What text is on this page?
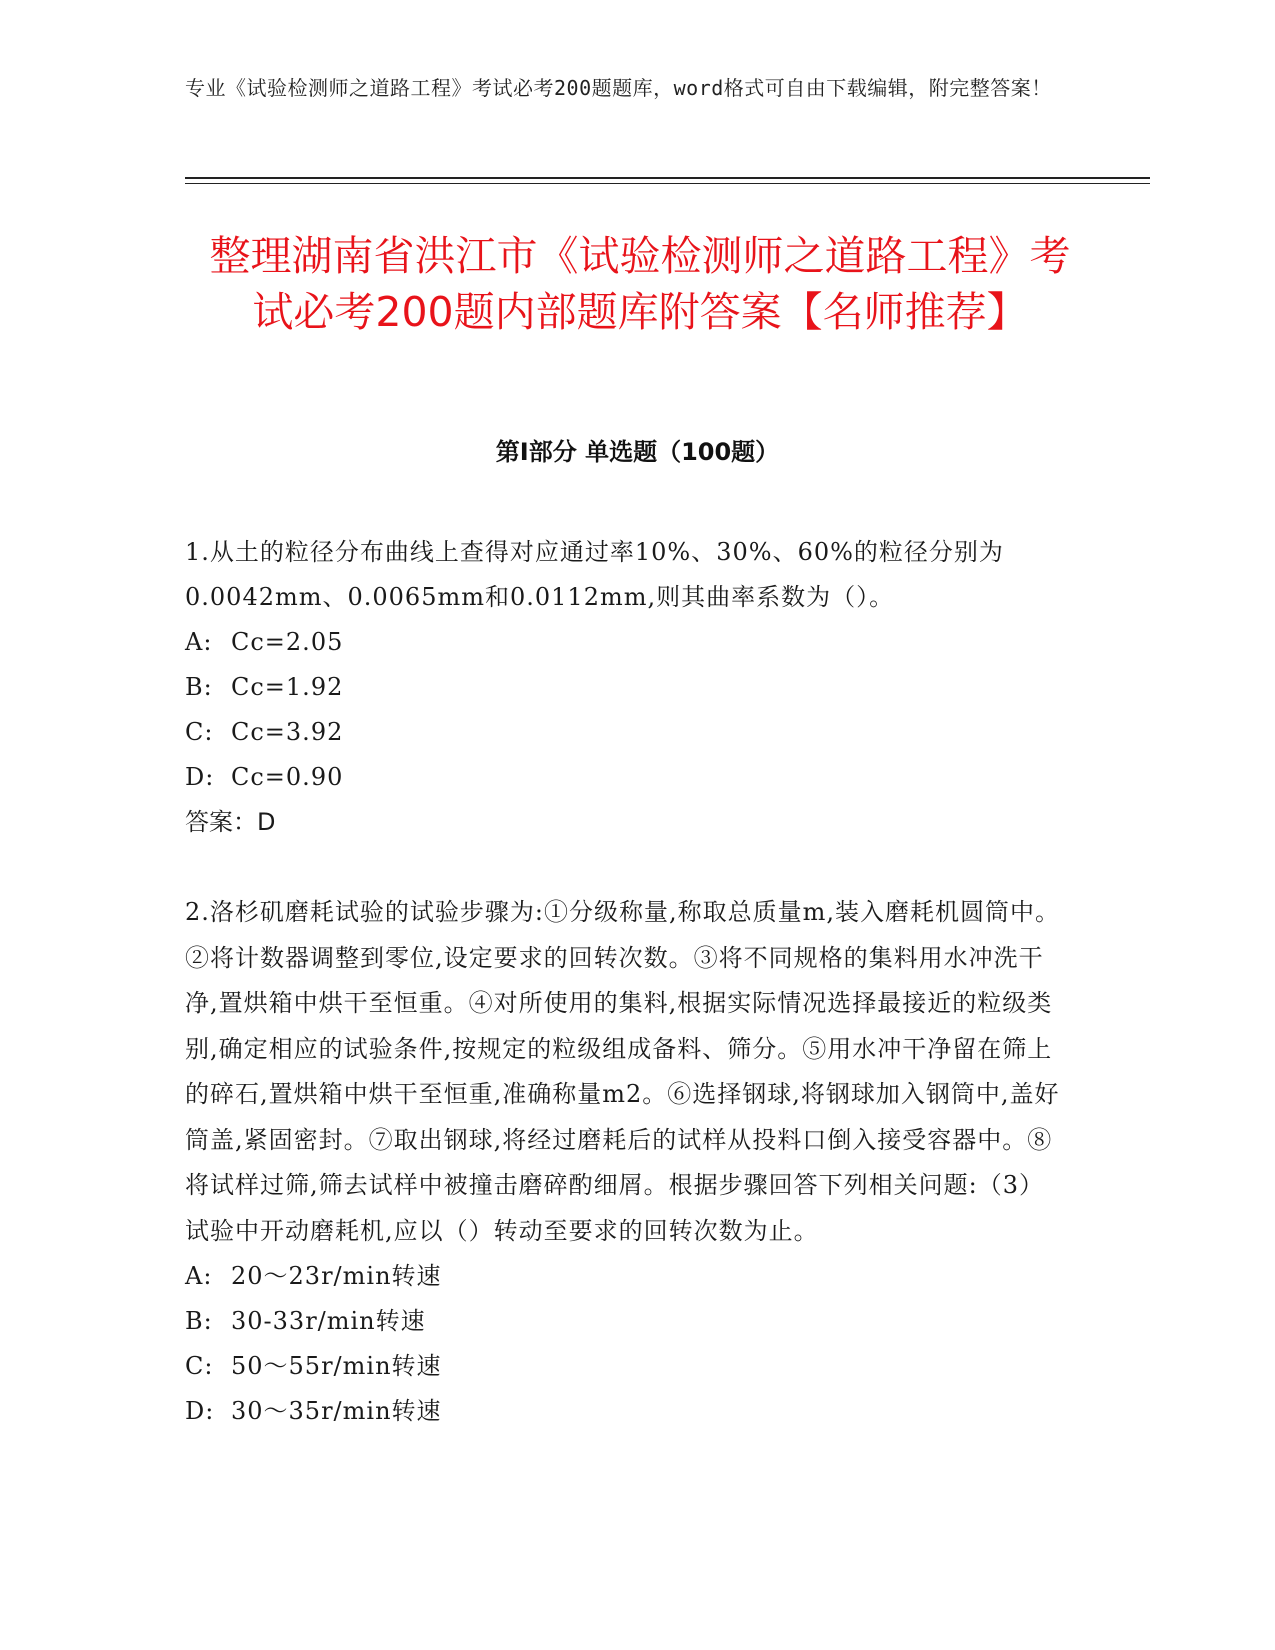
专业《试验检测师之道路工程》考试必考200题题库，word格式可自由下载编辑，附完整答案！
整理湖南省洪江市《试验检测师之道路工程》考试必考200题内部题库附答案【名师推荐】
第I部分 单选题（100题）
1.从土的粒径分布曲线上查得对应通过率10%、30%、60%的粒径分别为0.0042mm、0.0065mm和0.0112mm,则其曲率系数为（）。
A: Cc=2.05
B: Cc=1.92
C: Cc=3.92
D: Cc=0.90
答案：D
2.洛杉矶磨耗试验的试验步骤为:①分级称量,称取总质量m,装入磨耗机圆筒中。②将计数器调整到零位,设定要求的回转次数。③将不同规格的集料用水冲洗干净,置烘箱中烘干至恒重。④对所使用的集料,根据实际情况选择最接近的粒级类别,确定相应的试验条件,按规定的粒级组成备料、筛分。⑤用水冲干净留在筛上的碎石,置烘箱中烘干至恒重,准确称量m2。⑥选择钢球,将钢球加入钢筒中,盖好筒盖,紧固密封。⑦取出钢球,将经过磨耗后的试样从投料口倒入接受容器中。⑧将试样过筛,筛去试样中被撞击磨碎酌细屑。根据步骤回答下列相关问题:（3）试验中开动磨耗机,应以（）转动至要求的回转次数为止。
A: 20～23r/min转速
B: 30-33r/min转速
C: 50～55r/min转速
D: 30～35r/min转速
